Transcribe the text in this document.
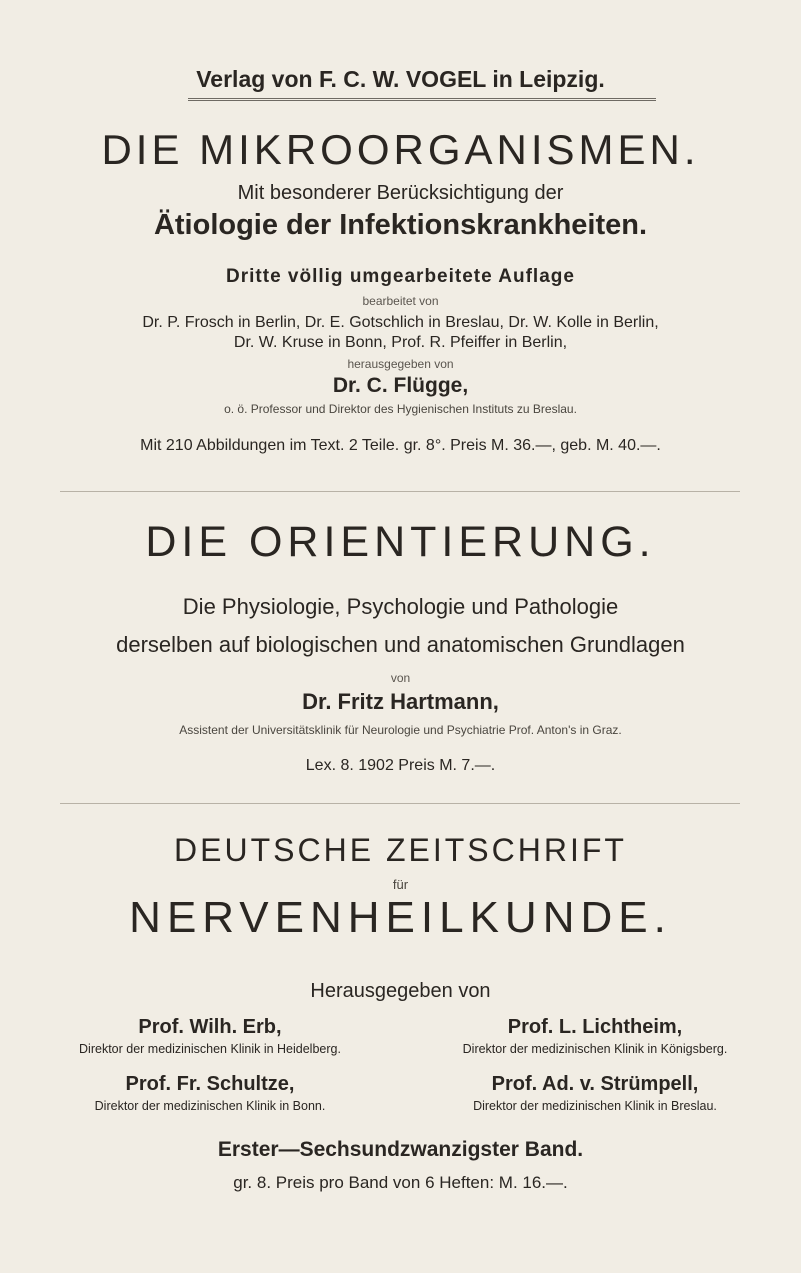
Verlag von F. C. W. VOGEL in Leipzig.
DIE MIKROORGANISMEN.
Mit besonderer Berücksichtigung der
Ätiologie der Infektionskrankheiten.
Dritte völlig umgearbeitete Auflage
bearbeitet von
Dr. P. Frosch in Berlin, Dr. E. Gotschlich in Breslau, Dr. W. Kolle in Berlin,
Dr. W. Kruse in Bonn, Prof. R. Pfeiffer in Berlin,
herausgegeben von
Dr. C. Flügge,
o. ö. Professor und Direktor des Hygienischen Instituts zu Breslau.
Mit 210 Abbildungen im Text. 2 Teile. gr. 8°. Preis M. 36.—, geb. M. 40.—.
DIE ORIENTIERUNG.
Die Physiologie, Psychologie und Pathologie
derselben auf biologischen und anatomischen Grundlagen
von
Dr. Fritz Hartmann,
Assistent der Universitätsklinik für Neurologie und Psychiatrie Prof. Anton's in Graz.
Lex. 8. 1902 Preis M. 7.—.
DEUTSCHE ZEITSCHRIFT
für
NERVENHEILKUNDE.
Herausgegeben von
Prof. Wilh. Erb,
Direktor der medizinischen Klinik in Heidelberg.
Prof. L. Lichtheim,
Direktor der medizinischen Klinik in Königsberg.
Prof. Fr. Schultze,
Direktor der medizinischen Klinik in Bonn.
Prof. Ad. v. Strümpell,
Direktor der medizinischen Klinik in Breslau.
Erster—Sechsundzwanzigster Band.
gr. 8. Preis pro Band von 6 Heften: M. 16.—.
